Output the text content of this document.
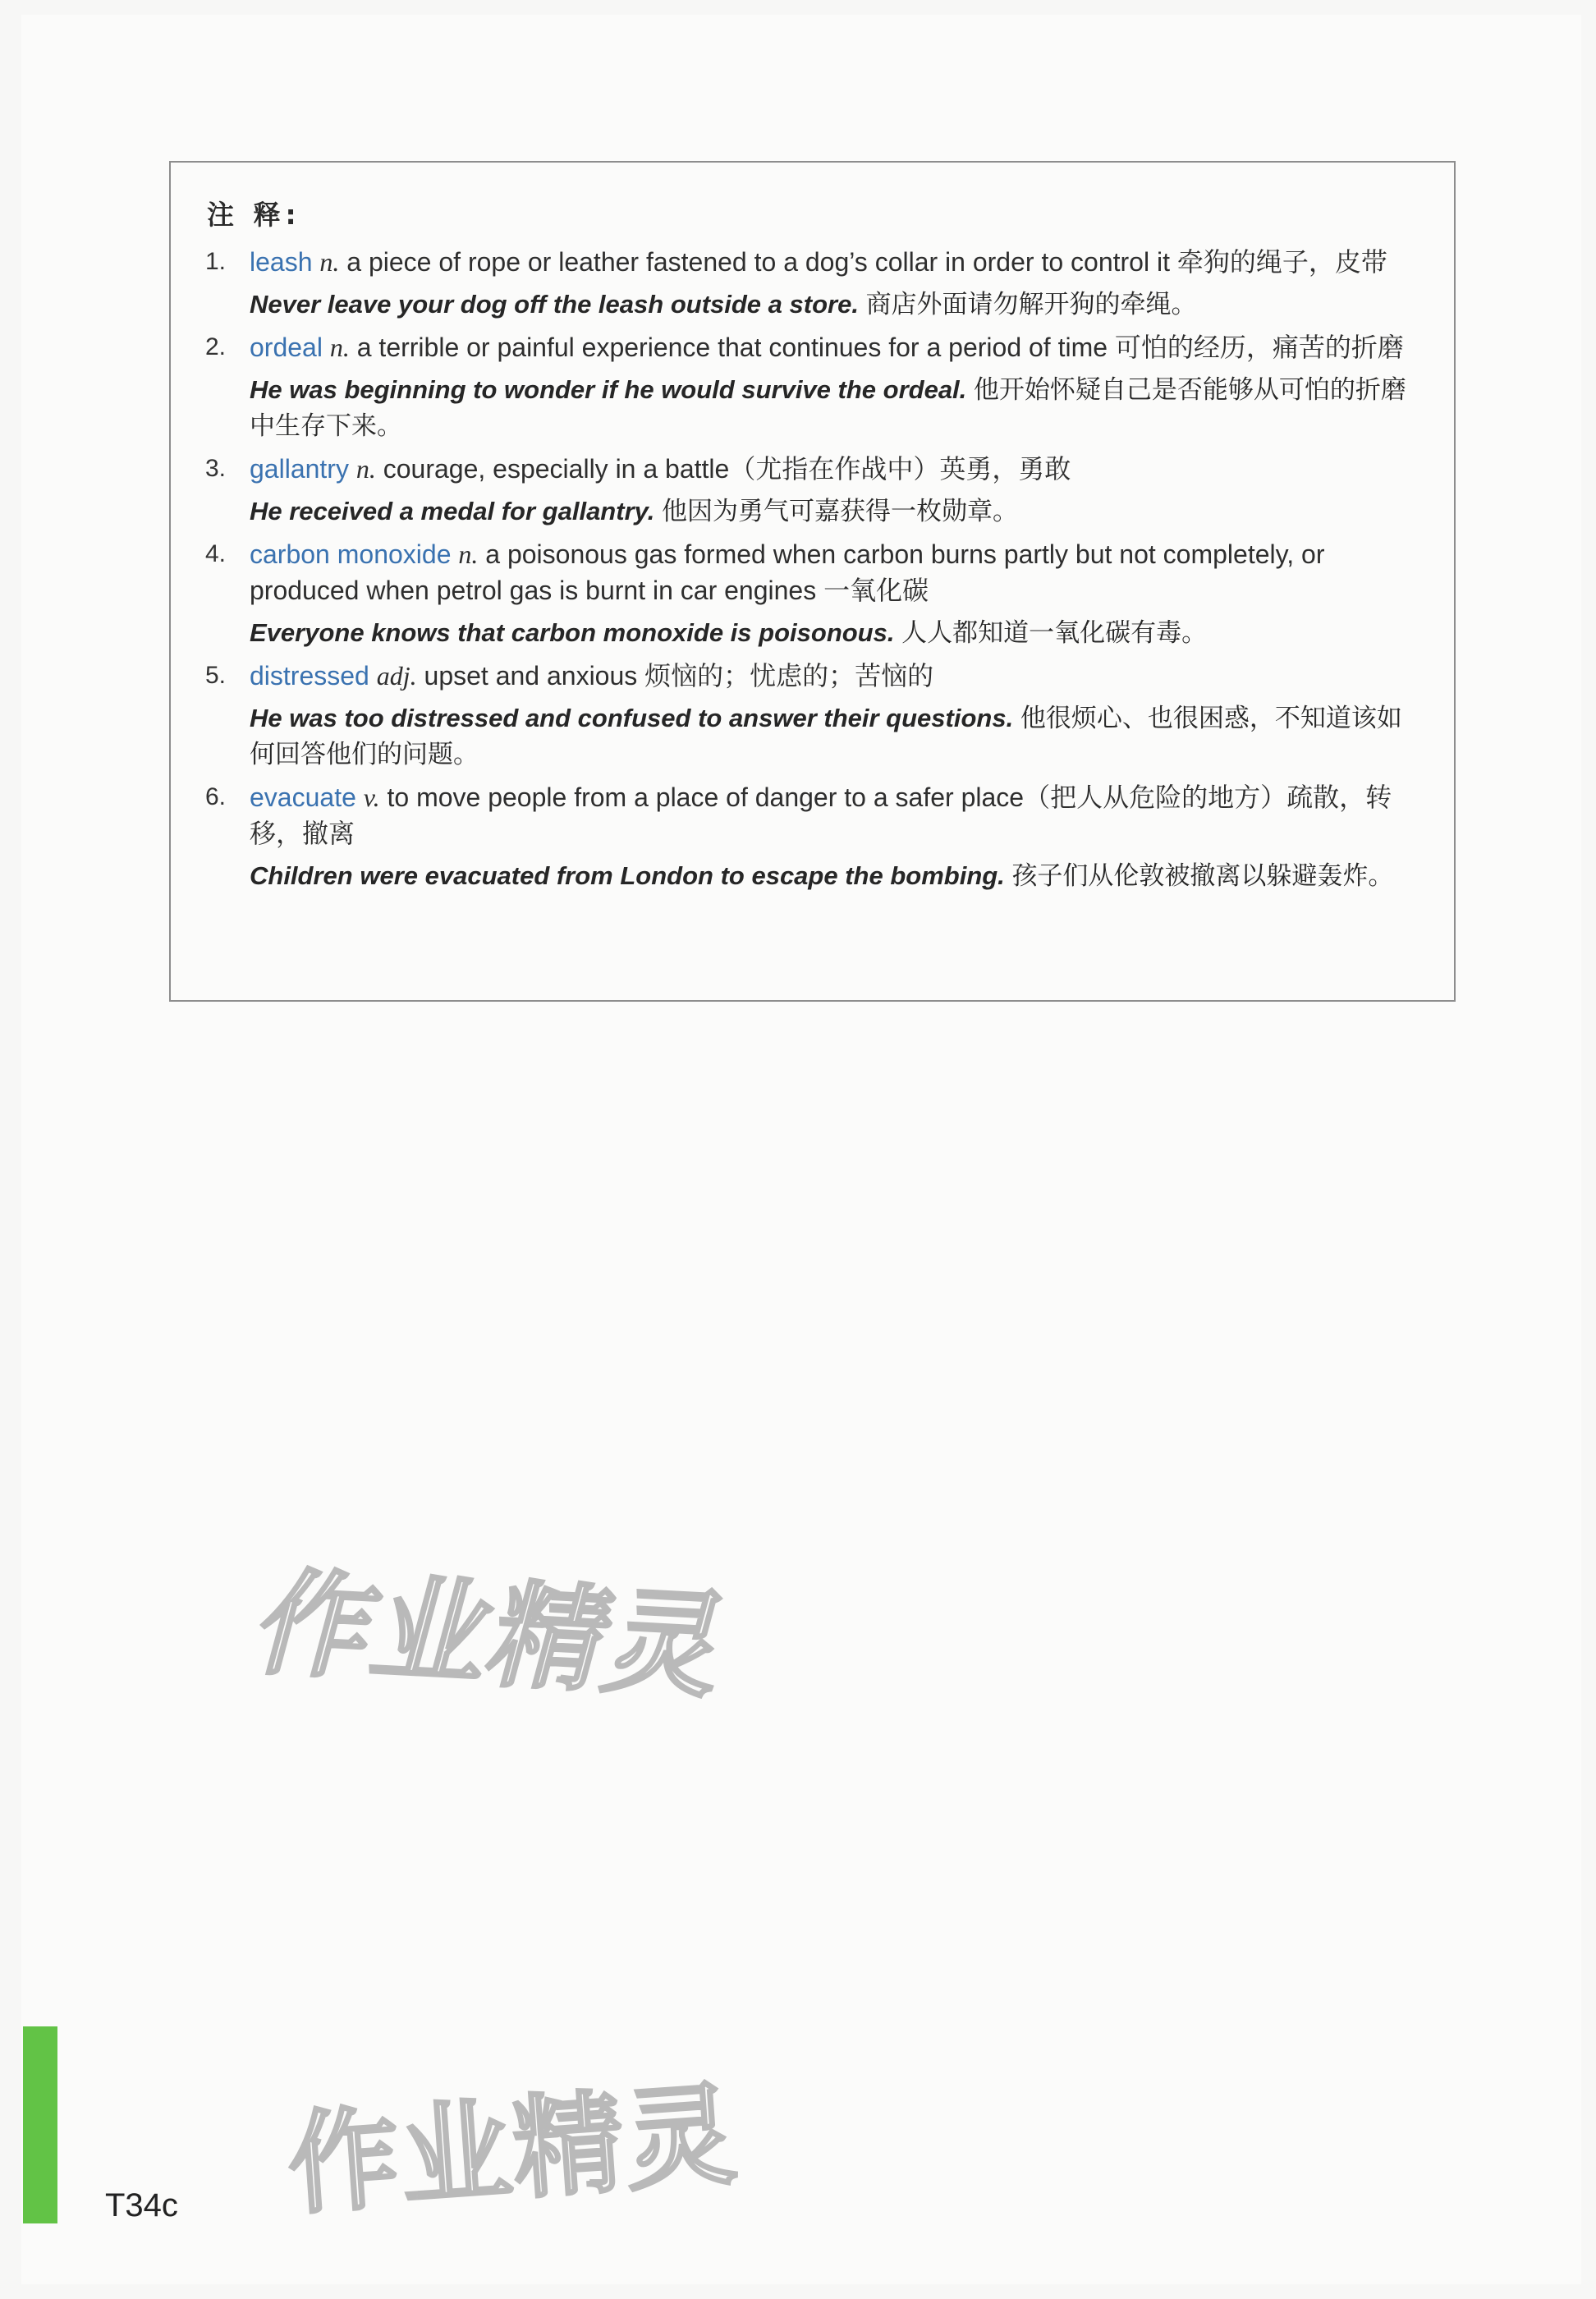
注 释:
1. leash n. a piece of rope or leather fastened to a dog’s collar in order to control it 牵狗的绳子，皮带
Never leave your dog off the leash outside a store. 商店外面请勿解开狗的牵绳。
2. ordeal n. a terrible or painful experience that continues for a period of time 可怕的经历，痛苦的折磨
He was beginning to wonder if he would survive the ordeal. 他开始怀疑自己是否能够从可怕的折磨中生存下来。
3. gallantry n. courage, especially in a battle（尤指在作战中）英勇，勇敢
He received a medal for gallantry. 他因为勇气可嘉获得一枚勋章。
4. carbon monoxide n. a poisonous gas formed when carbon burns partly but not completely, or produced when petrol gas is burnt in car engines 一氧化碳
Everyone knows that carbon monoxide is poisonous. 人人都知道一氧化碳有毒。
5. distressed adj. upset and anxious 烦恼的；忧虑的；苦恼的
He was too distressed and confused to answer their questions. 他很烦心、也很困惑，不知道该如何回答他们的问题。
6. evacuate v. to move people from a place of danger to a safer place（把人从危险的地方）疏散，转移，撤离
Children were evacuated from London to escape the bombing. 孩子们从伦敦被撤离以躲避轰炸。
作业精灵
作业精灵
T34c
